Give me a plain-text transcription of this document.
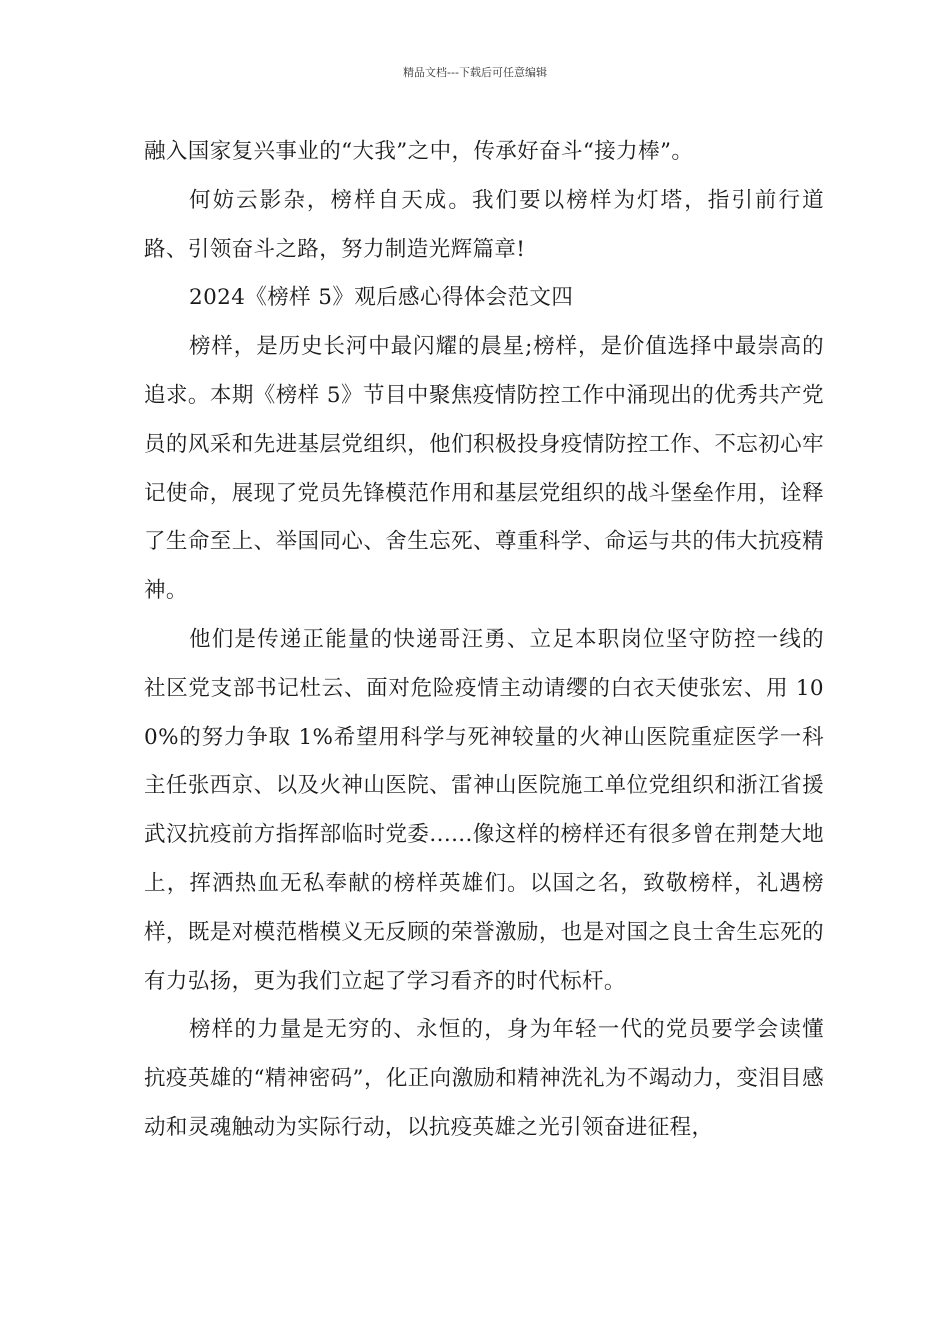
精品文档---下载后可任意编辑

融入国家复兴事业的“大我”之中，传承好奋斗“接力棒”。

何妨云影杂，榜样自天成。我们要以榜样为灯塔，指引前行道路、引领奋斗之路，努力制造光辉篇章!

2024《榜样 5》观后感心得体会范文四

榜样，是历史长河中最闪耀的晨星;榜样，是价值选择中最崇高的追求。本期《榜样 5》节目中聚焦疫情防控工作中涌现出的优秀共产党员的风采和先进基层党组织，他们积极投身疫情防控工作、不忘初心牢记使命，展现了党员先锋模范作用和基层党组织的战斗堡垒作用，诠释了生命至上、举国同心、舍生忘死、尊重科学、命运与共的伟大抗疫精神。

他们是传递正能量的快递哥汪勇、立足本职岗位坚守防控一线的社区党支部书记杜云、面对危险疫情主动请缨的白衣天使张宏、用 100%的努力争取 1%希望用科学与死神较量的火神山医院重症医学一科主任张西京、以及火神山医院、雷神山医院施工单位党组织和浙江省援武汉抗疫前方指挥部临时党委......像这样的榜样还有很多曾在荆楚大地上，挥洒热血无私奉献的榜样英雄们。以国之名，致敬榜样，礼遇榜样，既是对模范楷模义无反顾的荣誉激励，也是对国之良士舍生忘死的有力弘扬，更为我们立起了学习看齐的时代标杆。

榜样的力量是无穷的、永恒的，身为年轻一代的党员要学会读懂抗疫英雄的“精神密码”，化正向激励和精神洗礼为不竭动力，变泪目感动和灵魂触动为实际行动，以抗疫英雄之光引领奋进征程，
